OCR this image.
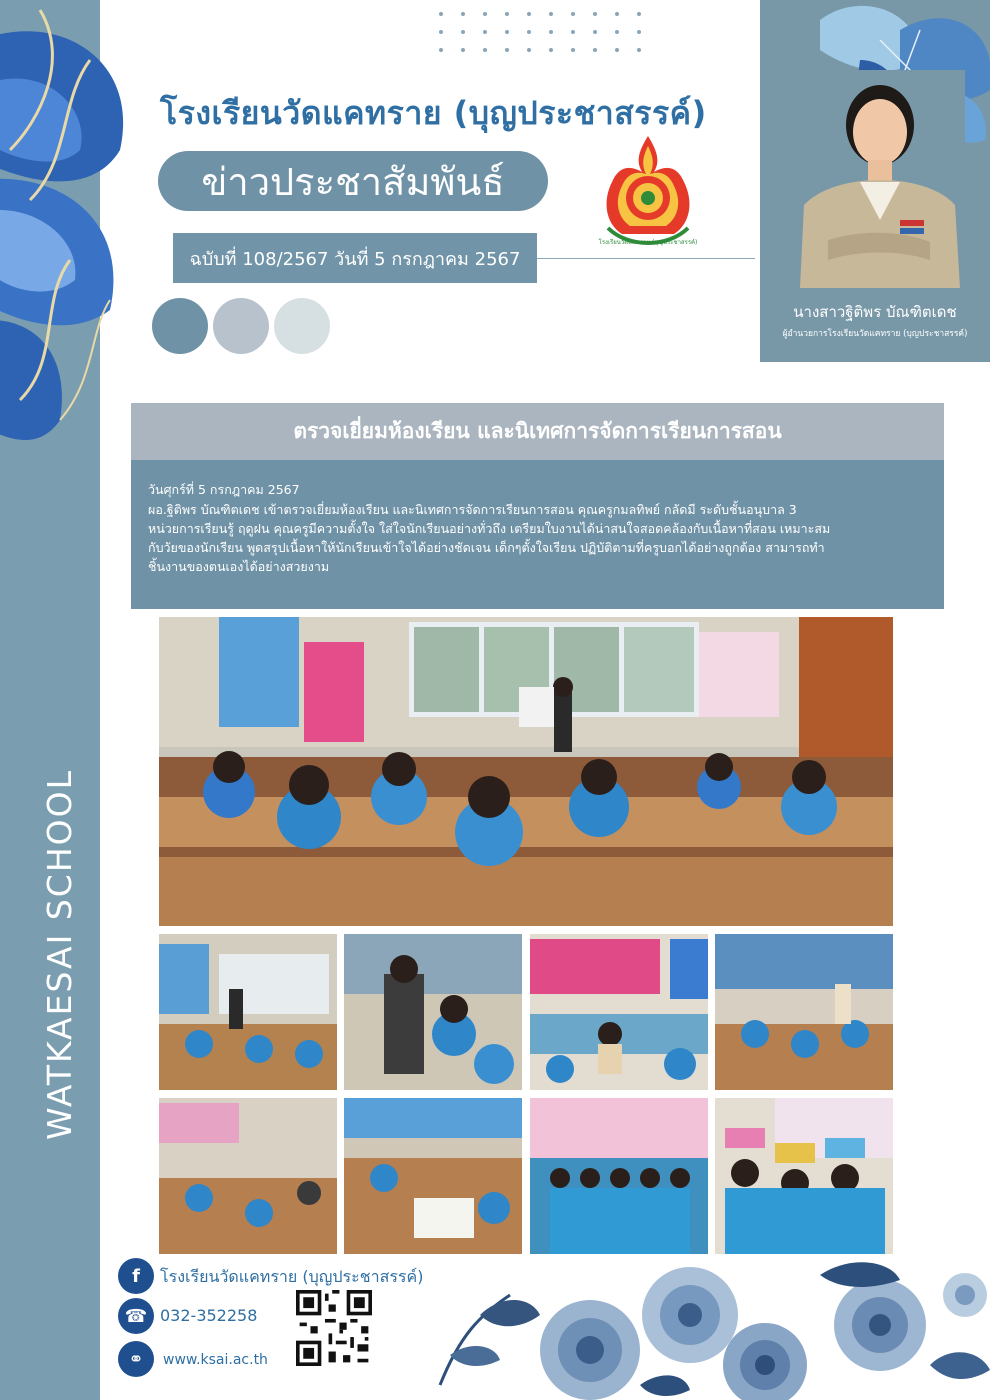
โรงเรียนวัดแคทราย (บุญประชาสรรค์)
ข่าวประชาสัมพันธ์
ฉบับที่ 108/2567 วันที่ 5 กรกฎาคม 2567
โรงเรียนวัดแคทราย (บุญประชาสรรค์)
นางสาวฐิติพร บัณฑิตเดช
ผู้อำนวยการโรงเรียนวัดแคทราย (บุญประชาสรรค์)
ตรวจเยี่ยมห้องเรียน และนิเทศการจัดการเรียนการสอน
วันศุกร์ที่ 5 กรกฎาคม 2567
ผอ.ฐิติพร บัณฑิตเดช เข้าตรวจเยี่ยมห้องเรียน และนิเทศการจัดการเรียนการสอน คุณครูกมลทิพย์ กลัดมี ระดับชั้นอนุบาล 3
หน่วยการเรียนรู้ ฤดูฝน คุณครูมีความตั้งใจ ใส่ใจนักเรียนอย่างทั่วถึง เตรียมใบงานได้น่าสนใจสอดคล้องกับเนื้อหาที่สอน เหมาะสม
กับวัยของนักเรียน พูดสรุปเนื้อหาให้นักเรียนเข้าใจได้อย่างชัดเจน เด็กๆตั้งใจเรียน ปฏิบัติตามที่ครูบอกได้อย่างถูกต้อง สามารถทำ
ชิ้นงานของตนเองได้อย่างสวยงาม
f	โรงเรียนวัดแคทราย (บุญประชาสรรค์)
☎ 032-352258
⚭	www.ksai.ac.th
